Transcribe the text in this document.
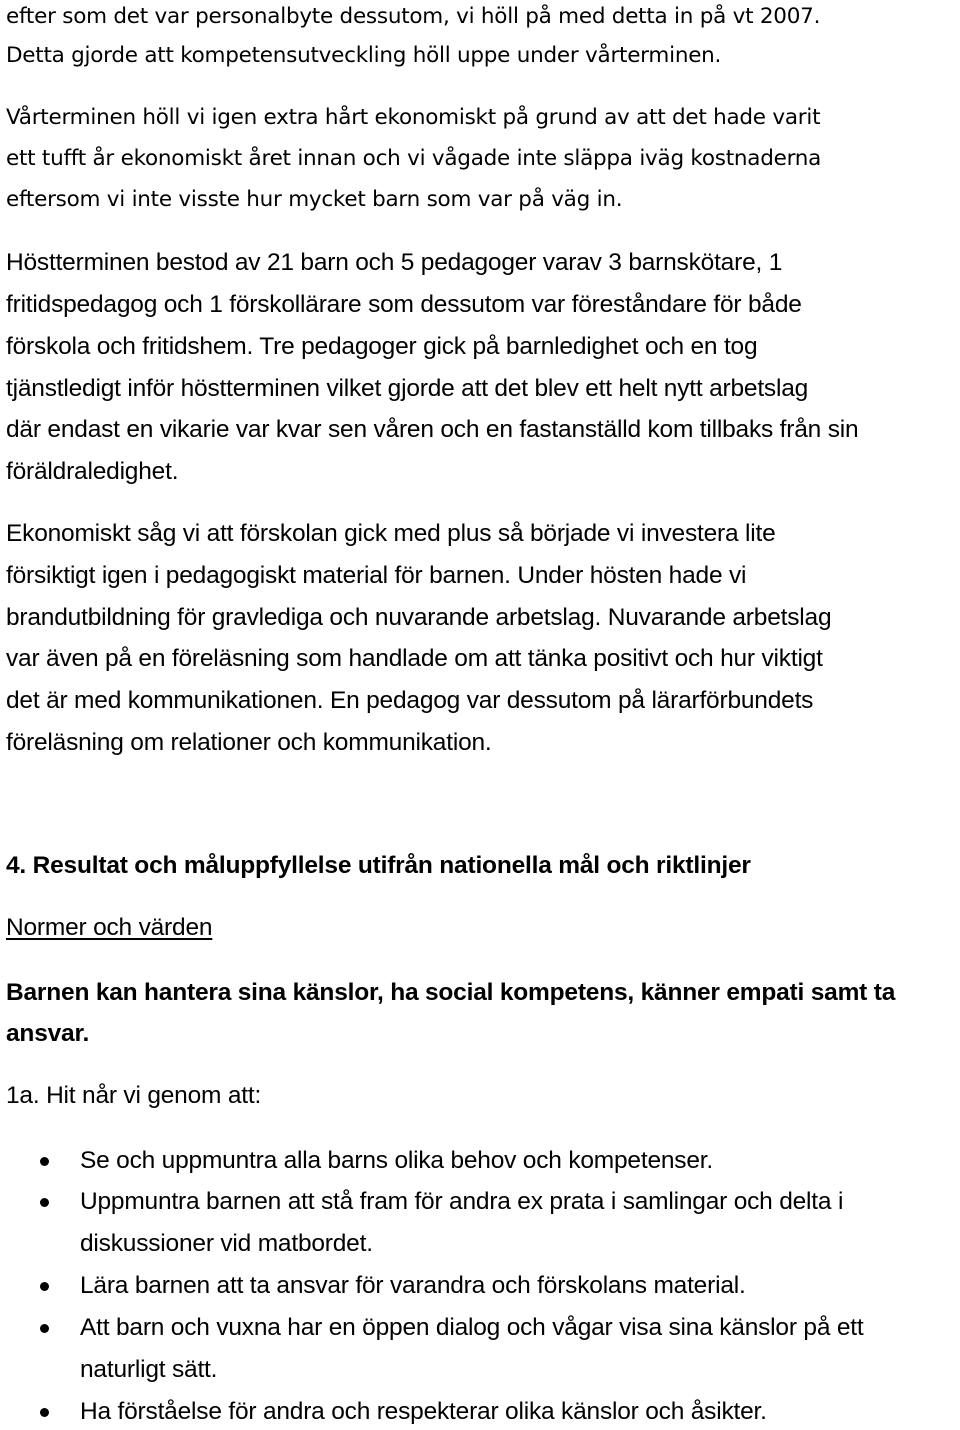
efter som det var personalbyte dessutom, vi höll på med detta in på vt 2007.
Detta gjorde att kompetensutveckling höll uppe under vårterminen.
Vårterminen höll vi igen extra hårt ekonomiskt på grund av att det hade varit
ett tufft år ekonomiskt året innan och vi vågade inte släppa iväg kostnaderna
eftersom vi inte visste hur mycket barn som var på väg in.
Höstterminen bestod av 21 barn och 5 pedagoger varav 3 barnskötare, 1
fritidspedagog och 1 förskollärare som dessutom var föreståndare för både
förskola och fritidshem. Tre pedagoger gick på barnledighet och en tog
tjänstledigt inför höstterminen vilket gjorde att det blev ett helt nytt arbetslag
där endast en vikarie var kvar sen våren och en fastanställd kom tillbaks från sin
föräldraledighet.
Ekonomiskt såg vi att förskolan gick med plus så började vi investera lite
försiktigt igen i pedagogiskt material för barnen. Under hösten hade vi
brandutbildning för gravlediga och nuvarande arbetslag. Nuvarande arbetslag
var även på en föreläsning som handlade om att tänka positivt och hur viktigt
det är med kommunikationen. En pedagog var dessutom på lärarförbundets
föreläsning om relationer och kommunikation.
4. Resultat och måluppfyllelse utifrån nationella mål och riktlinjer
Normer och värden
Barnen kan hantera sina känslor, ha social kompetens, känner empati samt ta
ansvar.
1a. Hit når vi genom att:
Se och uppmuntra alla barns olika behov och kompetenser.
Uppmuntra barnen att stå fram för andra ex prata i samlingar och delta i
diskussioner vid matbordet.
Lära barnen att ta ansvar för varandra och förskolans material.
Att barn och vuxna har en öppen dialog och vågar visa sina känslor på ett
naturligt sätt.
Ha förståelse för andra och respekterar olika känslor och åsikter.
